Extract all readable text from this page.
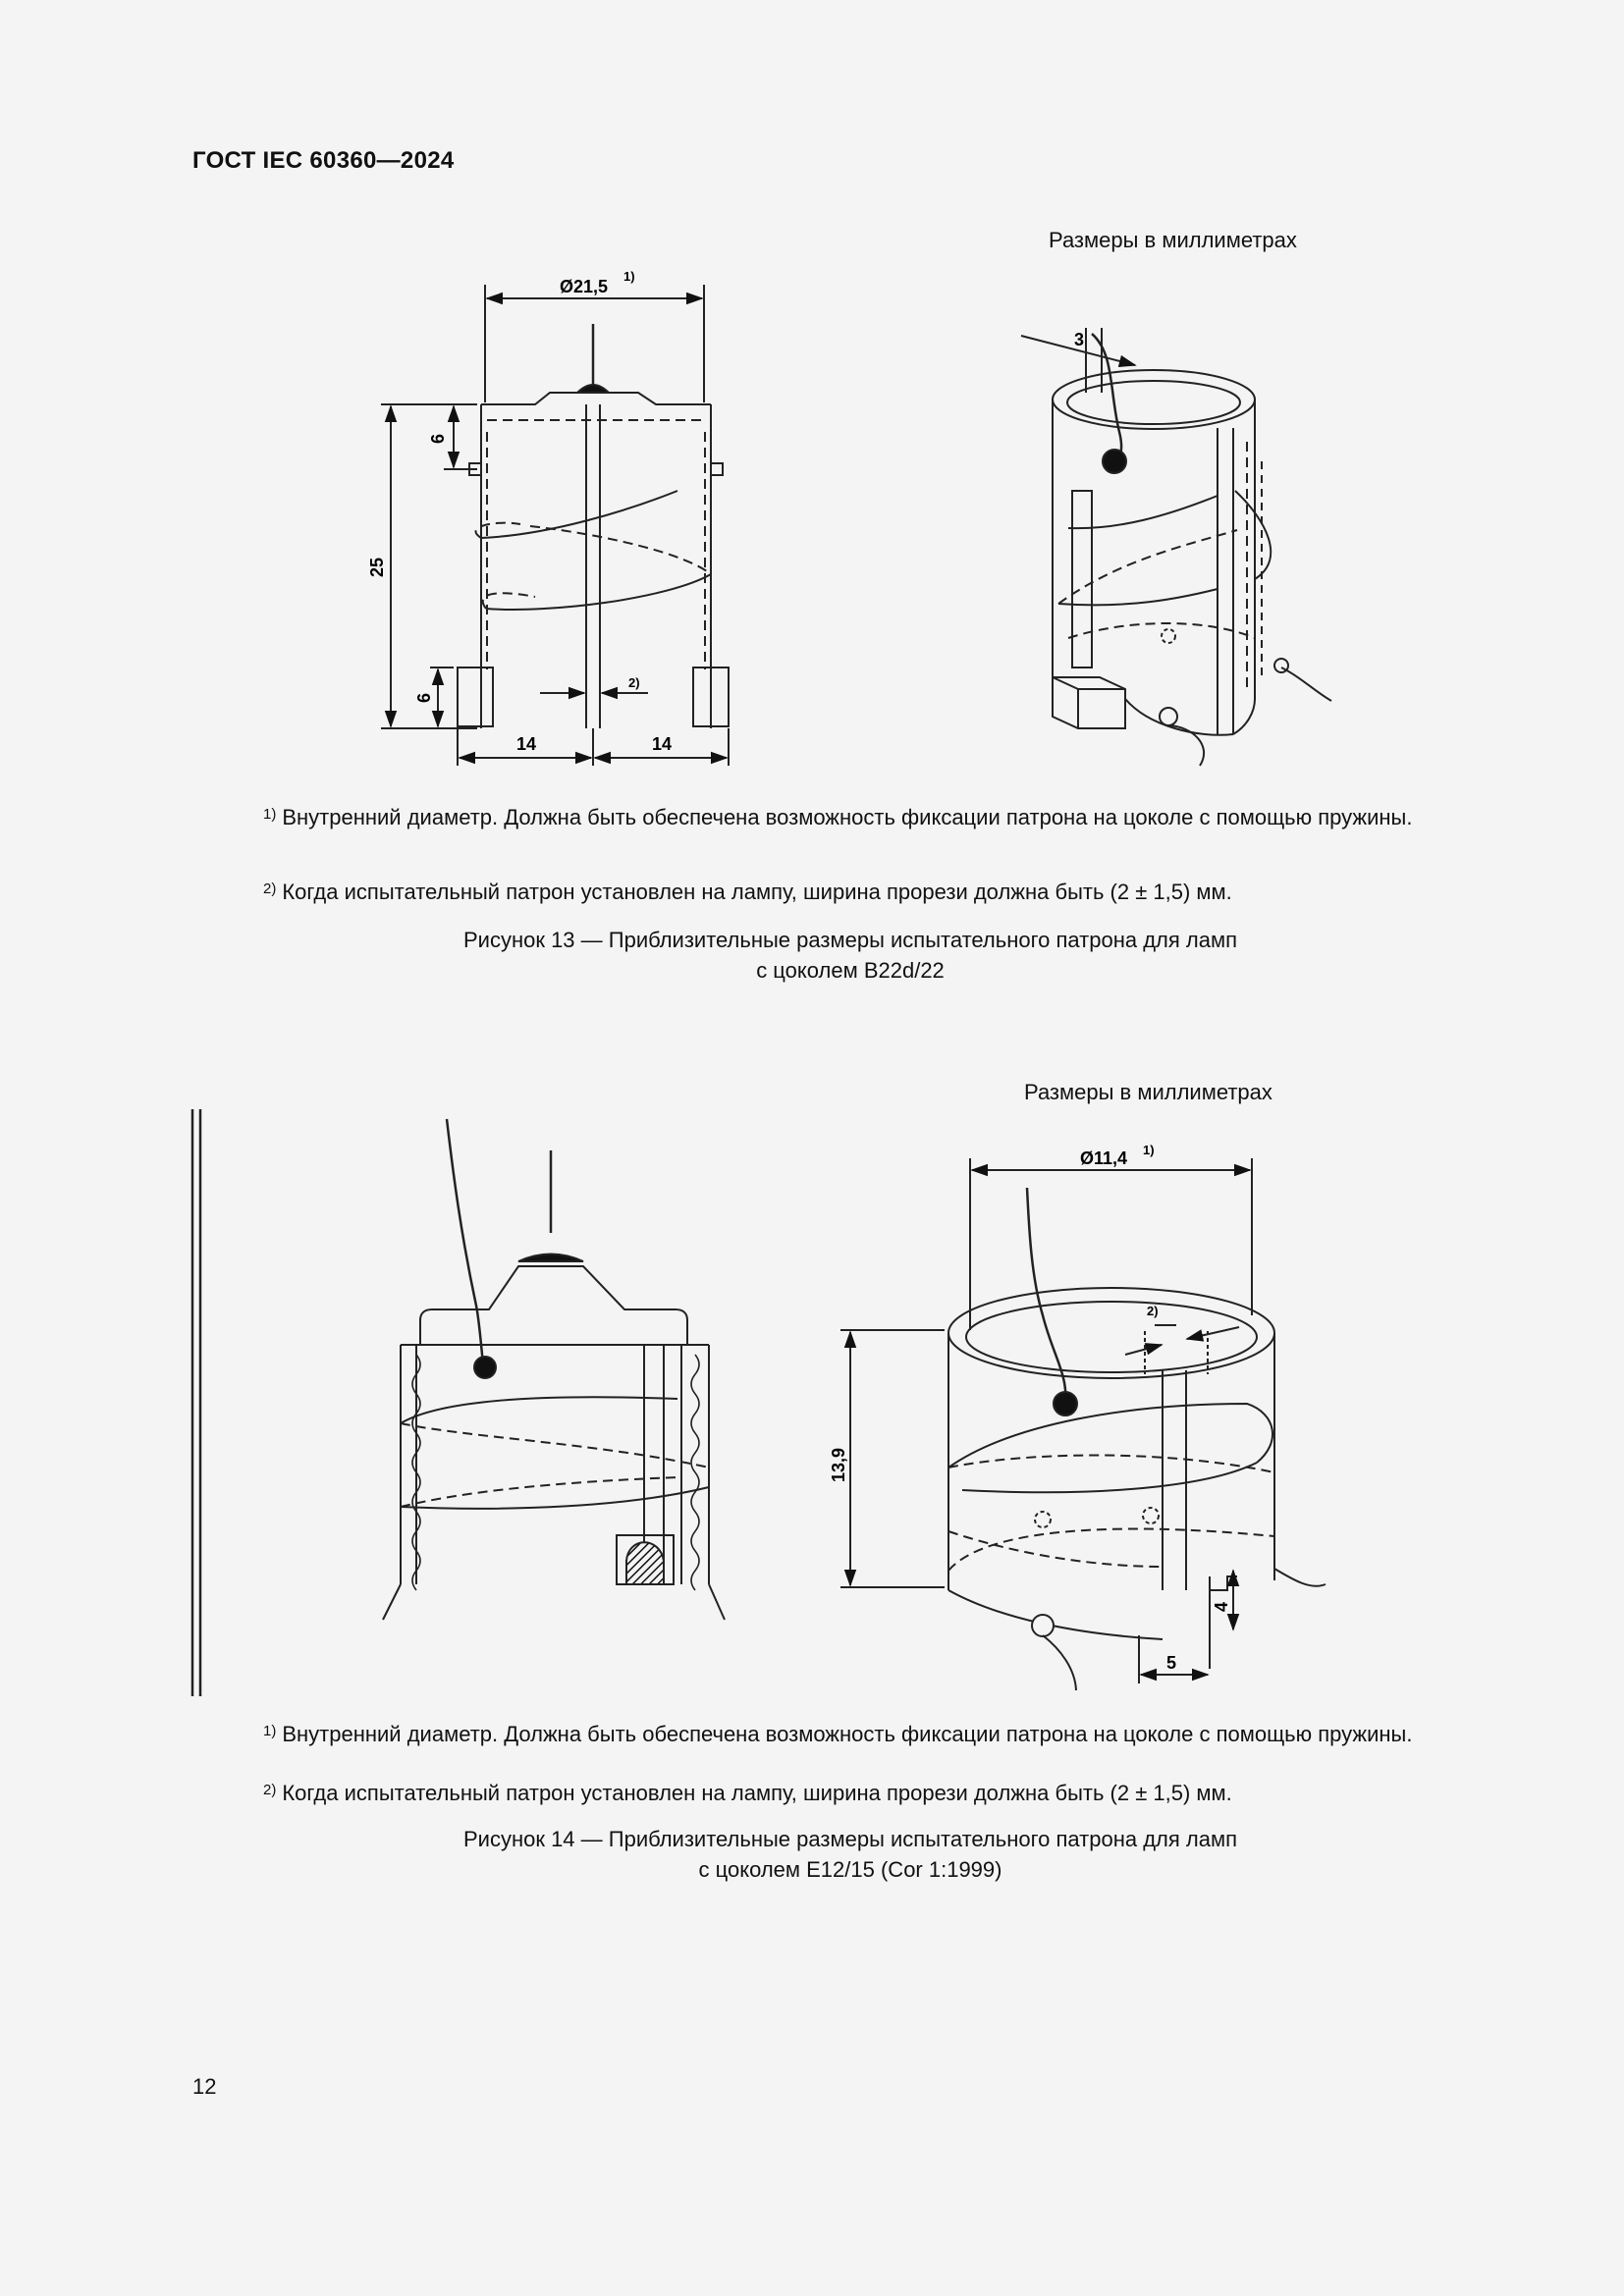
ГОСТ IEC 60360—2024
Размеры в миллиметрах
Ø21,5
1)
25
6
6
2)
14	14
3
Ø11,4 1)
2)
13,9
4
5
$^{1)}$ Внутренний диаметр. Должна быть обеспечена возможность фиксации патрона на цоколе с помощью пружины.
$^{2)}$ Когда испытательный патрон установлен на лампу, ширина прорези должна быть (2 ± 1,5) мм.
Рисунок 13 — Приблизительные размеры испытательного патрона для ламп
с цоколем B22d/22
Размеры в миллиметрах
$^{1)}$ Внутренний диаметр. Должна быть обеспечена возможность фиксации патрона на цоколе с помощью пружины.
$^{2)}$ Когда испытательный патрон установлен на лампу, ширина прорези должна быть (2 ± 1,5) мм.
Рисунок 14 — Приблизительные размеры испытательного патрона для ламп
с цоколем E12/15 (Cor 1:1999)
12
